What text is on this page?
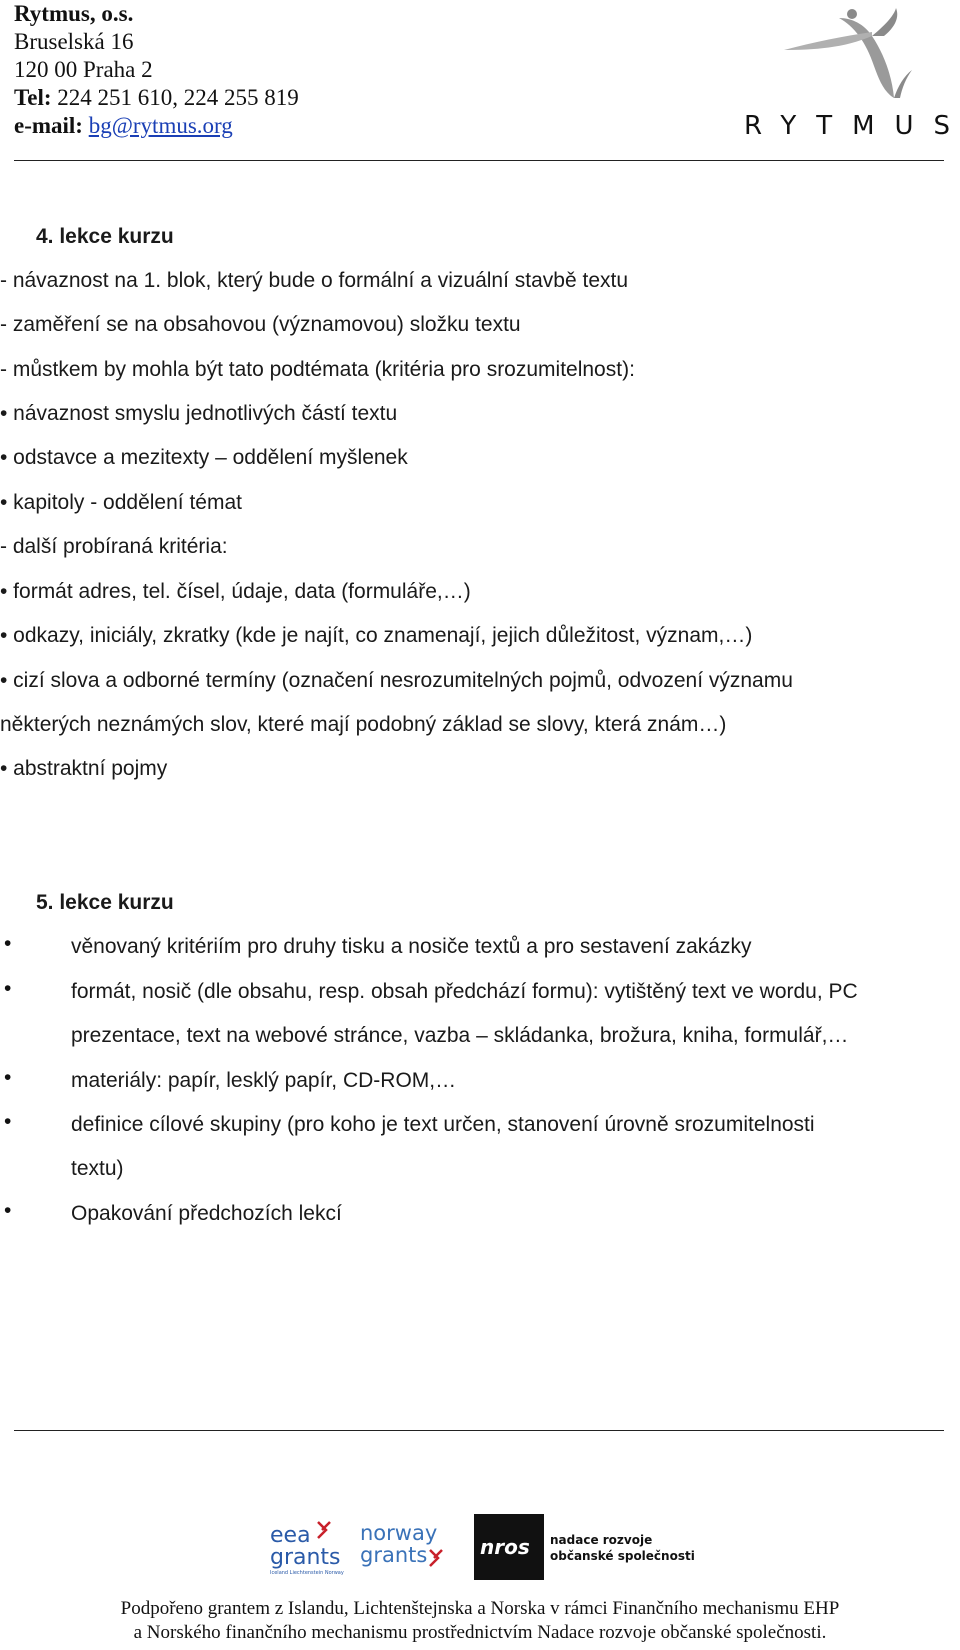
Rytmus, o.s.
Bruselská 16
120 00 Praha 2
Tel: 224 251 610, 224 255 819
e-mail: bg@rytmus.org	RYTMUS
4. lekce kurzu
- návaznost na 1. blok, který bude o formální a vizuální stavbě textu
- zaměření se na obsahovou (významovou) složku textu
- můstkem by mohla být tato podtémata (kritéria pro srozumitelnost):
• návaznost smyslu jednotlivých částí textu
• odstavce a mezitexty – oddělení myšlenek
• kapitoly - oddělení témat
- další probíraná kritéria:
• formát adres, tel. čísel, údaje, data (formuláře,…)
• odkazy, iniciály, zkratky (kde je najít, co znamenají, jejich důležitost, význam,…)
• cizí slova a odborné termíny (označení nesrozumitelných pojmů, odvození významu
některých neznámých slov, které mají podobný základ se slovy, která znám…)
• abstraktní pojmy
5. lekce kurzu
•	věnovaný kritériím pro druhy tisku a nosiče textů a pro sestavení zakázky
•	formát, nosič (dle obsahu, resp. obsah předchází formu): vytištěný text ve wordu, PC
prezentace, text na webové stránce, vazba – skládanka, brožura, kniha, formulář,…
•	materiály: papír, lesklý papír, CD-ROM,…
•	definice cílové skupiny (pro koho je text určen, stanovení úrovně srozumitelnosti
textu)
•	Opakování předchozích lekcí
eea
grants
Iceland Liechtenstein Norway
norway
grants	nros nadace rozvoje
občanské společnosti
Podpořeno grantem z Islandu, Lichtenštejnska a Norska v rámci Finančního mechanismu EHP
a Norského finančního mechanismu prostřednictvím Nadace rozvoje občanské společnosti.
